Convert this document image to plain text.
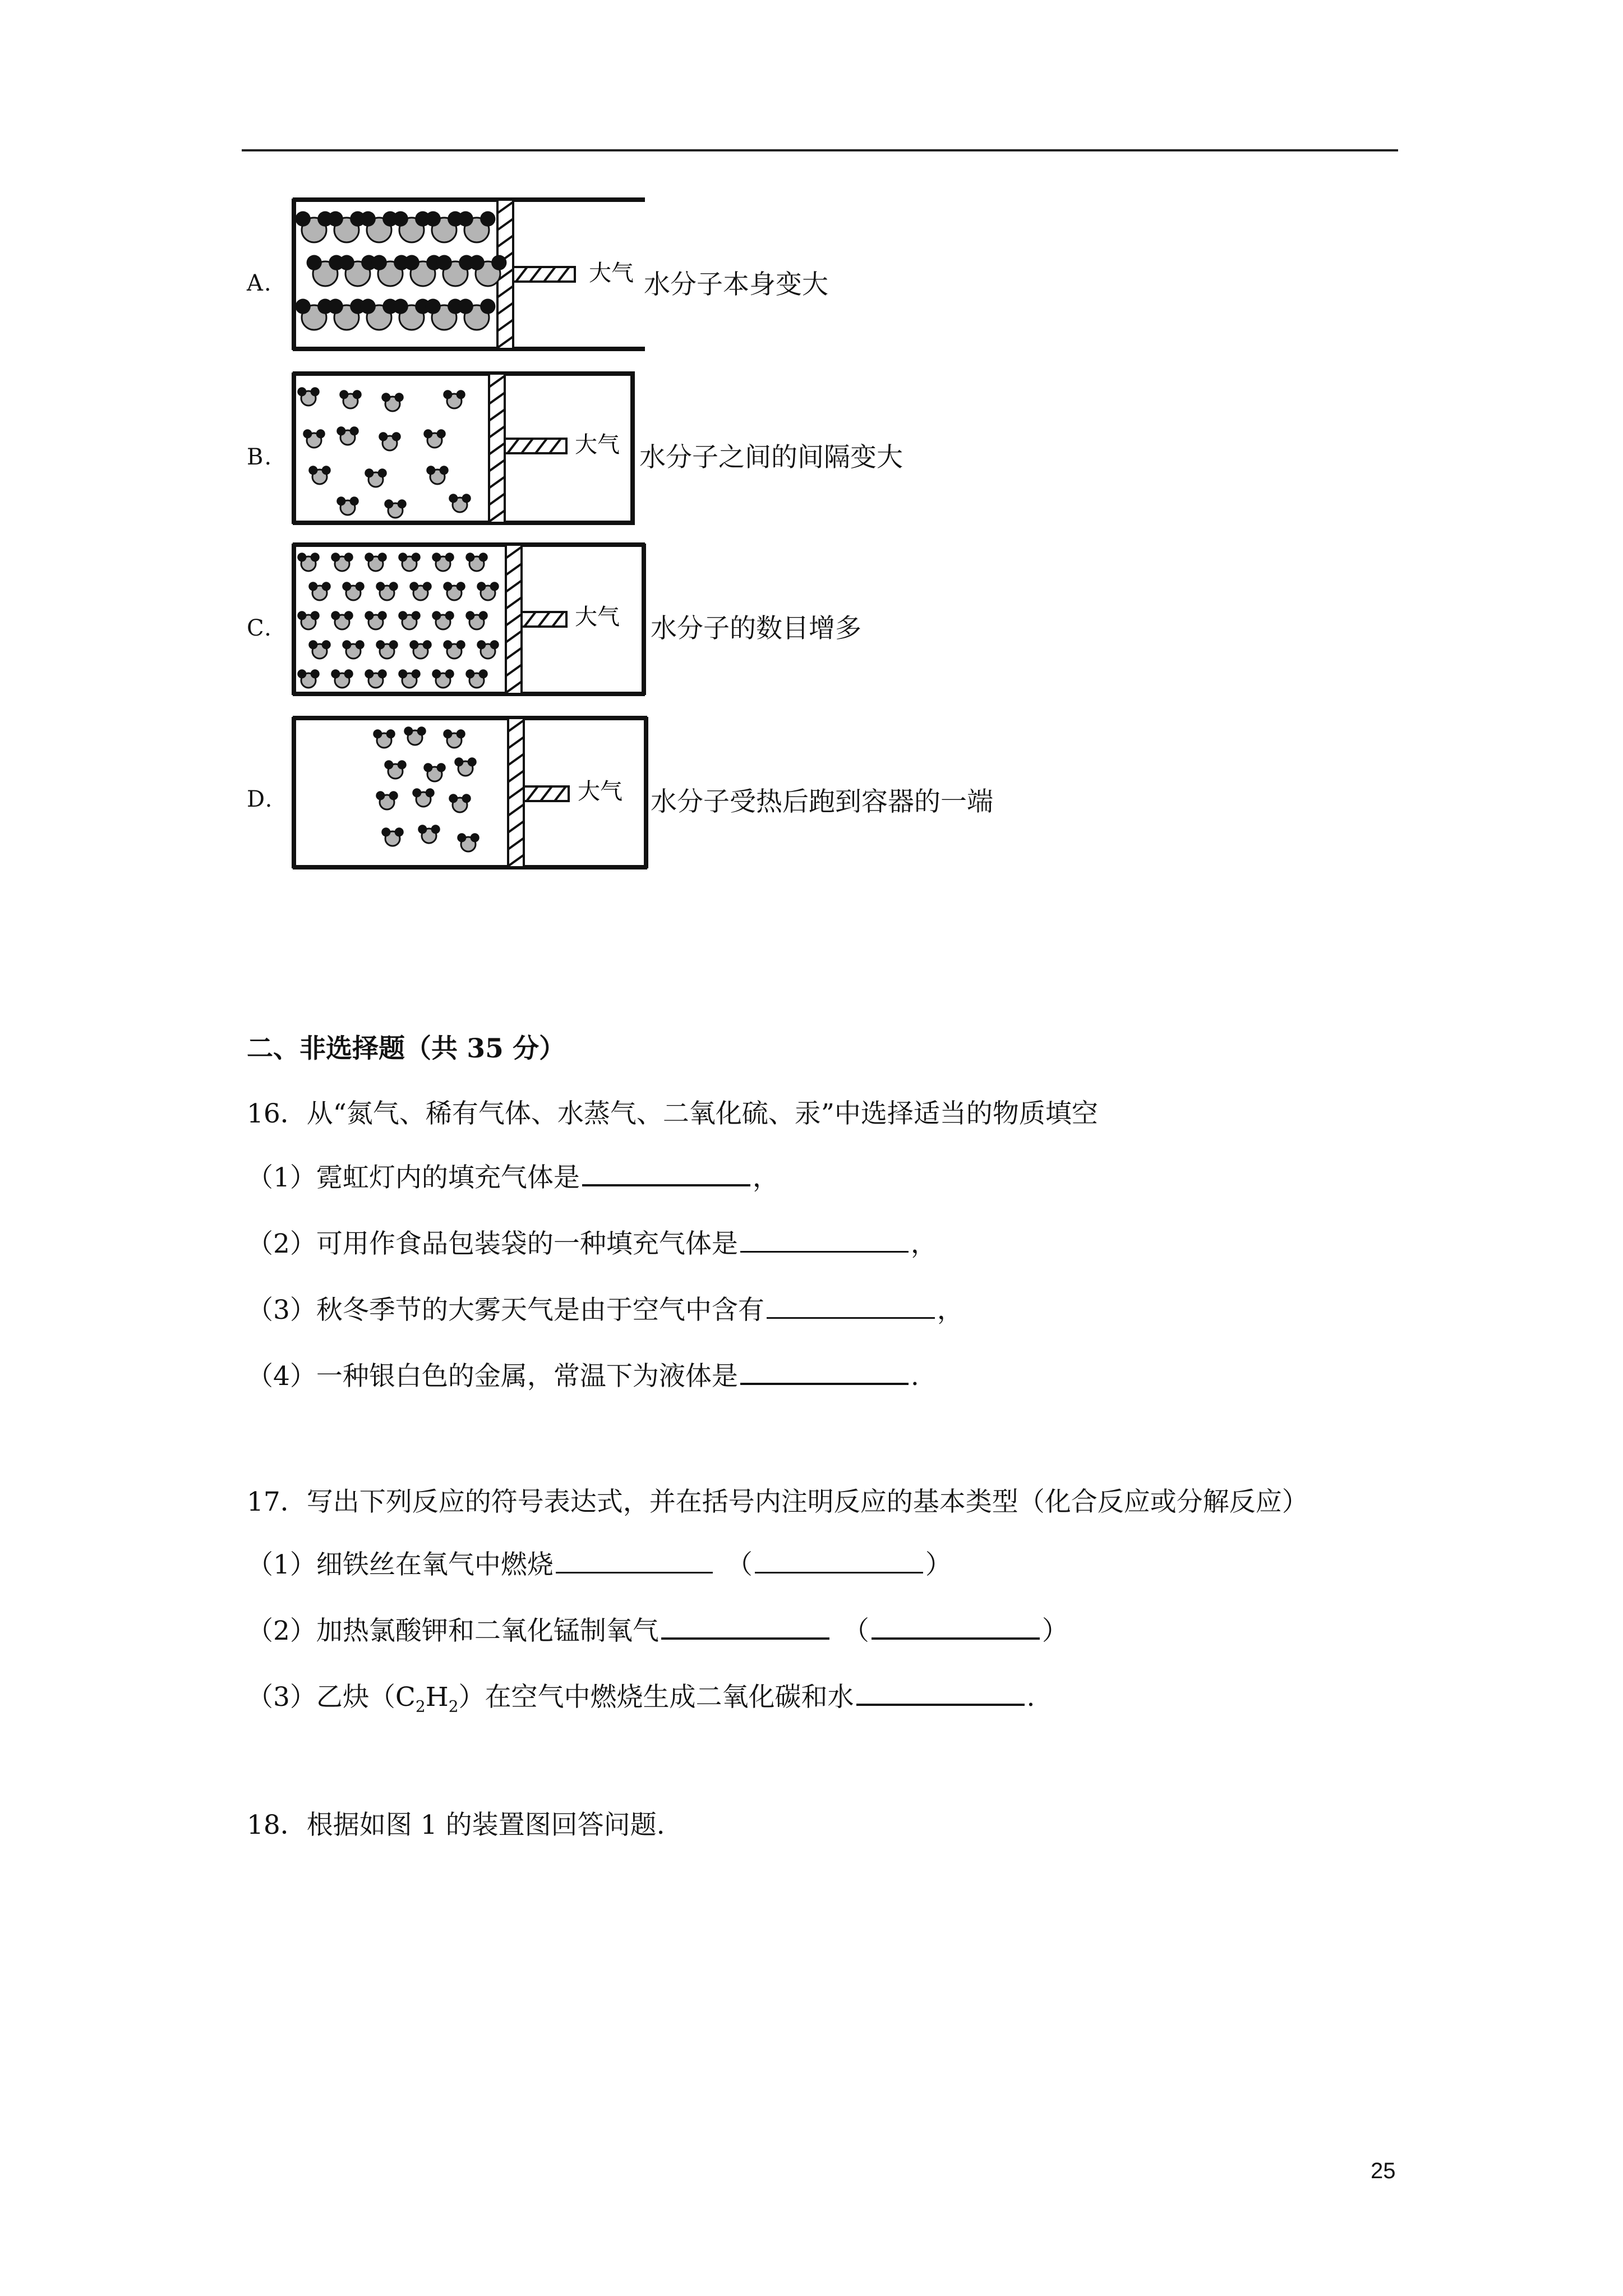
A.	大气 水分子本身变大
B.	大气 水分子之间的间隔变大
C.	大气 水分子的数目增多
D.	大气 水分子受热后跑到容器的一端
二、非选择题（共 35 分）
16．从“氮气、稀有气体、水蒸气、二氧化硫、汞”中选择适当的物质填空
（1）霓虹灯内的填充气体是	，
（2）可用作食品包装袋的一种填充气体是	，
（3）秋冬季节的大雾天气是由于空气中含有	，
（4）一种银白色的金属，常温下为液体是	.
17．写出下列反应的符号表达式，并在括号内注明反应的基本类型（化合反应或分解反应）
（1）细铁丝在氧气中燃烧	（	）
（2）加热氯酸钾和二氧化锰制氧气	（	）
（3）乙炔$(C_2H_2)$在空气中燃烧生成二氧化碳和水	.
18．根据如图 1 的装置图回答问题.
25
